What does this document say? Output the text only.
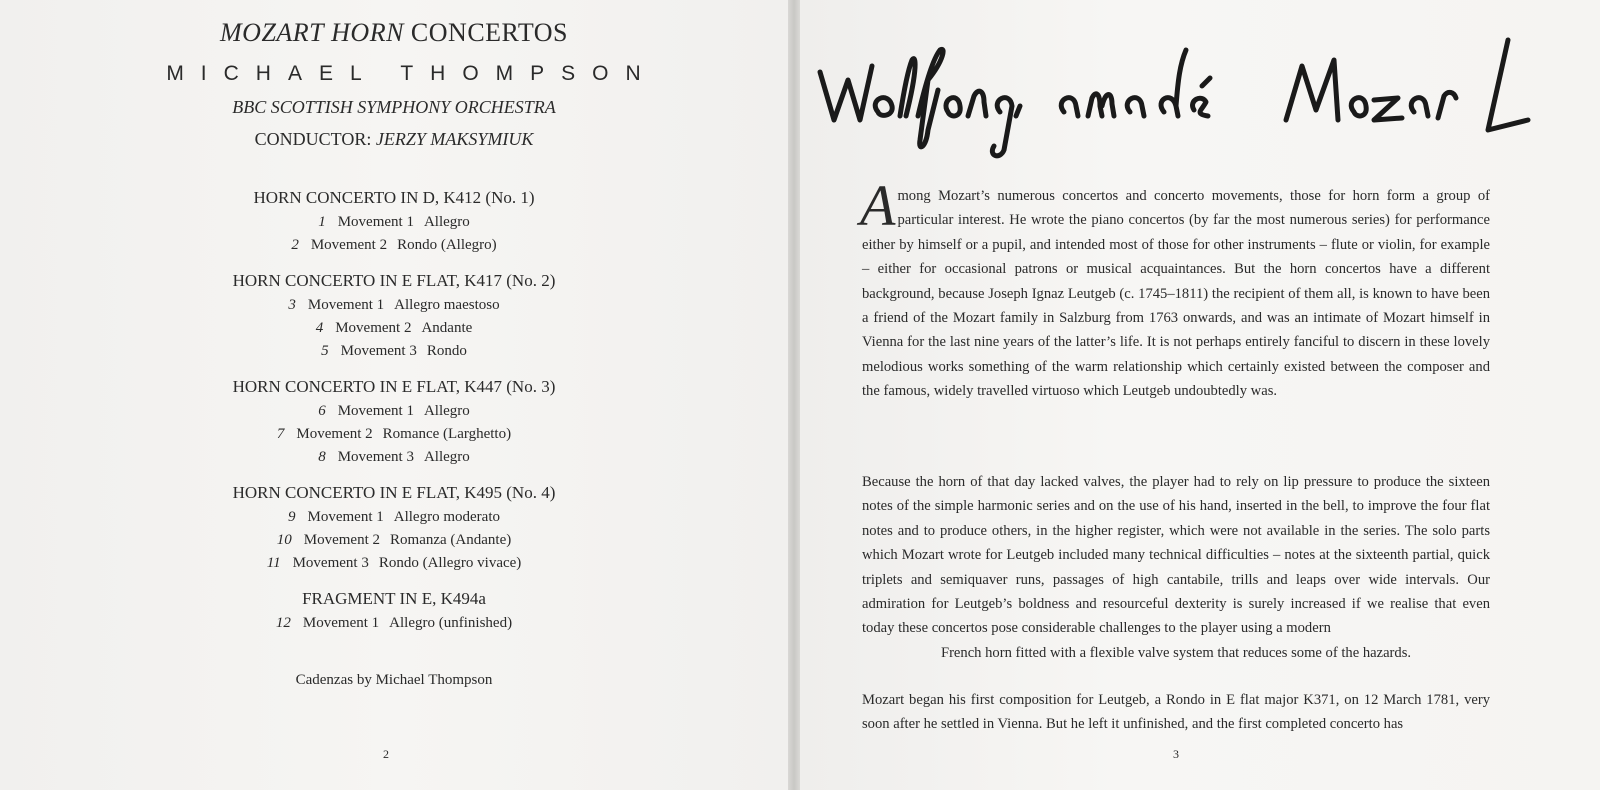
MOZART HORN CONCERTOS
MICHAEL THOMPSON
BBC SCOTTISH SYMPHONY ORCHESTRA
CONDUCTOR: JERZY MAKSYMIUK
HORN CONCERTO IN D, K412 (No. 1)
1 Movement 1 Allegro
2 Movement 2 Rondo (Allegro)
HORN CONCERTO IN E FLAT, K417 (No. 2)
3 Movement 1 Allegro maestoso
4 Movement 2 Andante
5 Movement 3 Rondo
HORN CONCERTO IN E FLAT, K447 (No. 3)
6 Movement 1 Allegro
7 Movement 2 Romance (Larghetto)
8 Movement 3 Allegro
HORN CONCERTO IN E FLAT, K495 (No. 4)
9 Movement 1 Allegro moderato
10 Movement 2 Romanza (Andante)
11 Movement 3 Rondo (Allegro vivace)
FRAGMENT IN E, K494a
12 Movement 1 Allegro (unfinished)
Cadenzas by Michael Thompson
2
Wolfgang amadè Mozart
Among Mozart’s numerous concertos and concerto movements, those for horn form a group of particular interest. He wrote the piano concertos (by far the most numerous series) for performance either by himself or a pupil, and intended most of those for other instruments – flute or violin, for example – either for occasional patrons or musical acquaintances. But the horn concertos have a different background, because Joseph Ignaz Leutgeb (c. 1745–1811) the recipient of them all, is known to have been a friend of the Mozart family in Salzburg from 1763 onwards, and was an intimate of Mozart himself in Vienna for the last nine years of the latter’s life. It is not perhaps entirely fanciful to discern in these lovely melodious works something of the warm relationship which certainly existed between the composer and the famous, widely travelled virtuoso which Leutgeb undoubtedly was.
Because the horn of that day lacked valves, the player had to rely on lip pressure to produce the sixteen notes of the simple harmonic series and on the use of his hand, inserted in the bell, to improve the four flat notes and to produce others, in the higher register, which were not available in the series. The solo parts which Mozart wrote for Leutgeb included many technical difficulties – notes at the sixteenth partial, quick triplets and semiquaver runs, passages of high cantabile, trills and leaps over wide intervals. Our admiration for Leutgeb’s boldness and resourceful dexterity is surely increased if we realise that even today these concertos pose considerable challenges to the player using a modern
French horn fitted with a flexible valve system that reduces some of the hazards.
Mozart began his first composition for Leutgeb, a Rondo in E flat major K371, on 12 March 1781, very soon after he settled in Vienna. But he left it unfinished, and the first completed concerto has
3
